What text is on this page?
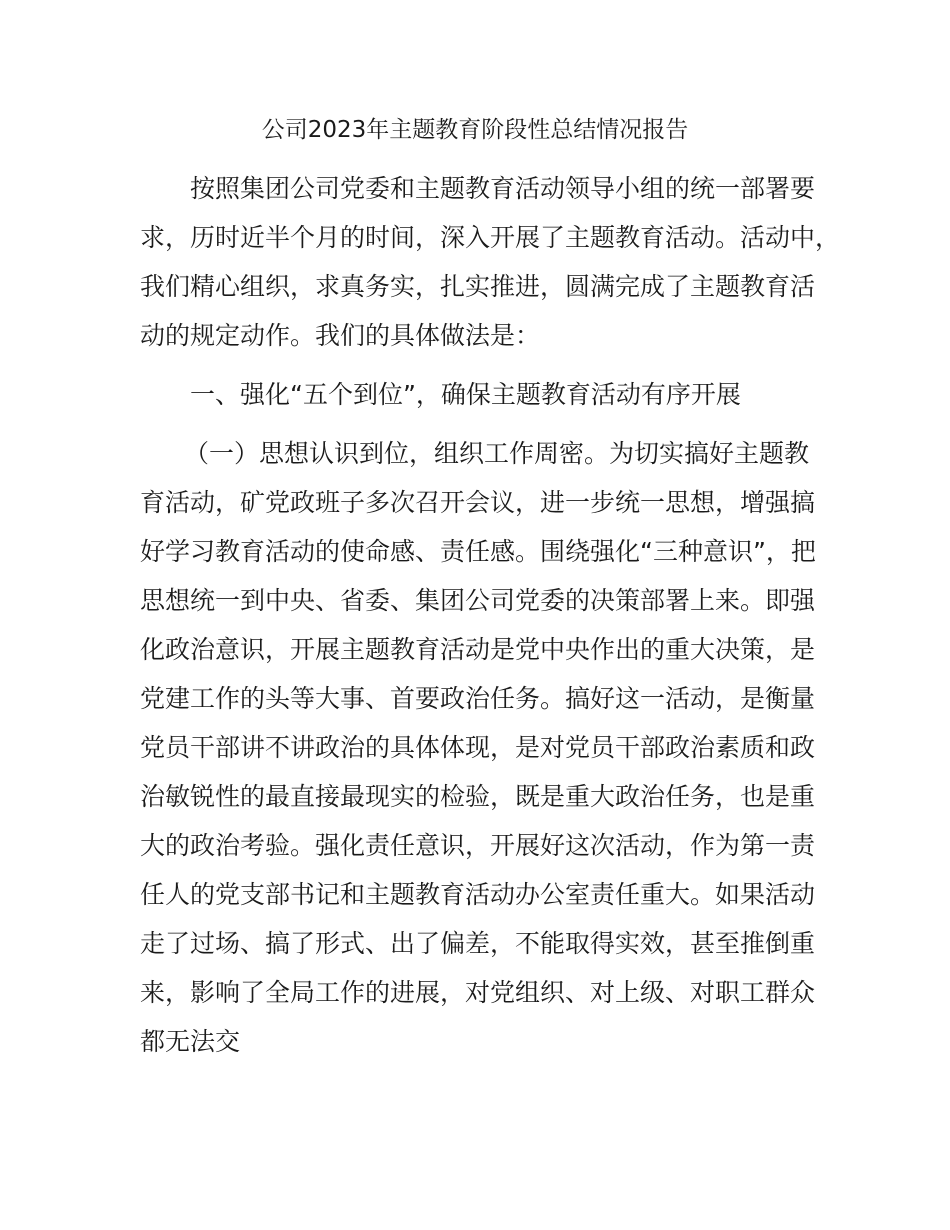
公司2023年主题教育阶段性总结情况报告

按照集团公司党委和主题教育活动领导小组的统一部署要

求，历时近半个月的时间，深入开展了主题教育活动。活动中，

我们精心组织，求真务实，扎实推进，圆满完成了主题教育活

动的规定动作。我们的具体做法是：

一、强化“五个到位”，确保主题教育活动有序开展

（一）思想认识到位，组织工作周密。为切实搞好主题教

育活动，矿党政班子多次召开会议，进一步统一思想，增强搞

好学习教育活动的使命感、责任感。围绕强化“三种意识”，把

思想统一到中央、省委、集团公司党委的决策部署上来。即强

化政治意识，开展主题教育活动是党中央作出的重大决策，是

党建工作的头等大事、首要政治任务。搞好这一活动，是衡量

党员干部讲不讲政治的具体体现，是对党员干部政治素质和政

治敏锐性的最直接最现实的检验，既是重大政治任务，也是重

大的政治考验。强化责任意识，开展好这次活动，作为第一责

任人的党支部书记和主题教育活动办公室责任重大。如果活动

走了过场、搞了形式、出了偏差，不能取得实效，甚至推倒重

来，影响了全局工作的进展，对党组织、对上级、对职工群众

都无法交
